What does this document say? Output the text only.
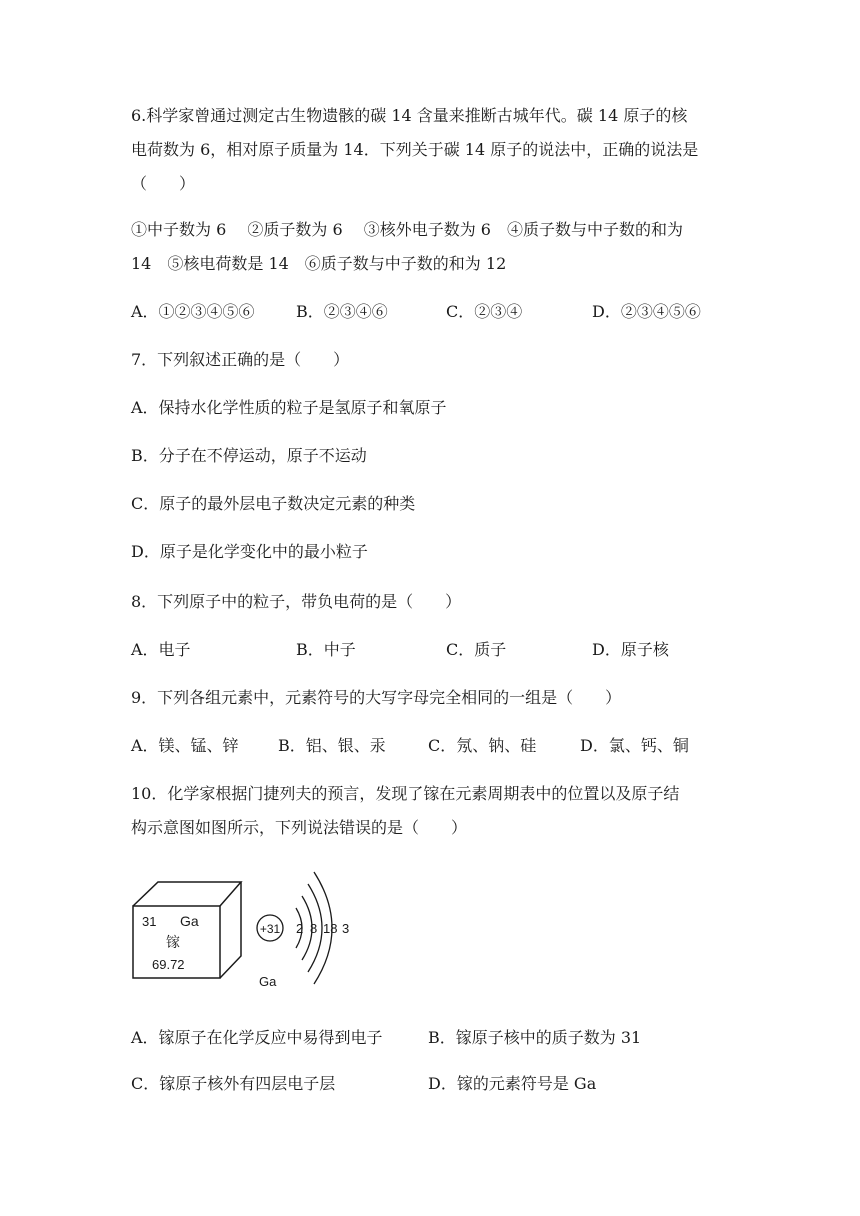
6.科学家曾通过测定古生物遗骸的碳 14 含量来推断古城年代。碳 14 原子的核
电荷数为 6，相对原子质量为 14．下列关于碳 14 原子的说法中，正确的说法是
（　　）
①中子数为 6　 ②质子数为 6　 ③核外电子数为 6　④质子数与中子数的和为
14　⑤核电荷数是 14　⑥质子数与中子数的和为 12
A．①②③④⑤⑥	B．②③④⑥	C．②③④	D．②③④⑤⑥
7．下列叙述正确的是（　　）
A．保持水化学性质的粒子是氢原子和氧原子
B．分子在不停运动，原子不运动
C．原子的最外层电子数决定元素的种类
D．原子是化学变化中的最小粒子
8．下列原子中的粒子，带负电荷的是（　　）
A．电子	B．中子	C．质子	D．原子核
9．下列各组元素中，元素符号的大写字母完全相同的一组是（　　）
A．镁、锰、锌 B．铝、银、汞	C．氖、钠、硅	D．氯、钙、铜
10．化学家根据门捷列夫的预言，发现了镓在元素周期表中的位置以及原子结
构示意图如图所示，下列说法错误的是（　　）
31 Ga
镓
69.72
+31 2 8 18 3
Ga
A．镓原子在化学反应中易得到电子	B．镓原子核中的质子数为 31
C．镓原子核外有四层电子层	D．镓的元素符号是 Ga
